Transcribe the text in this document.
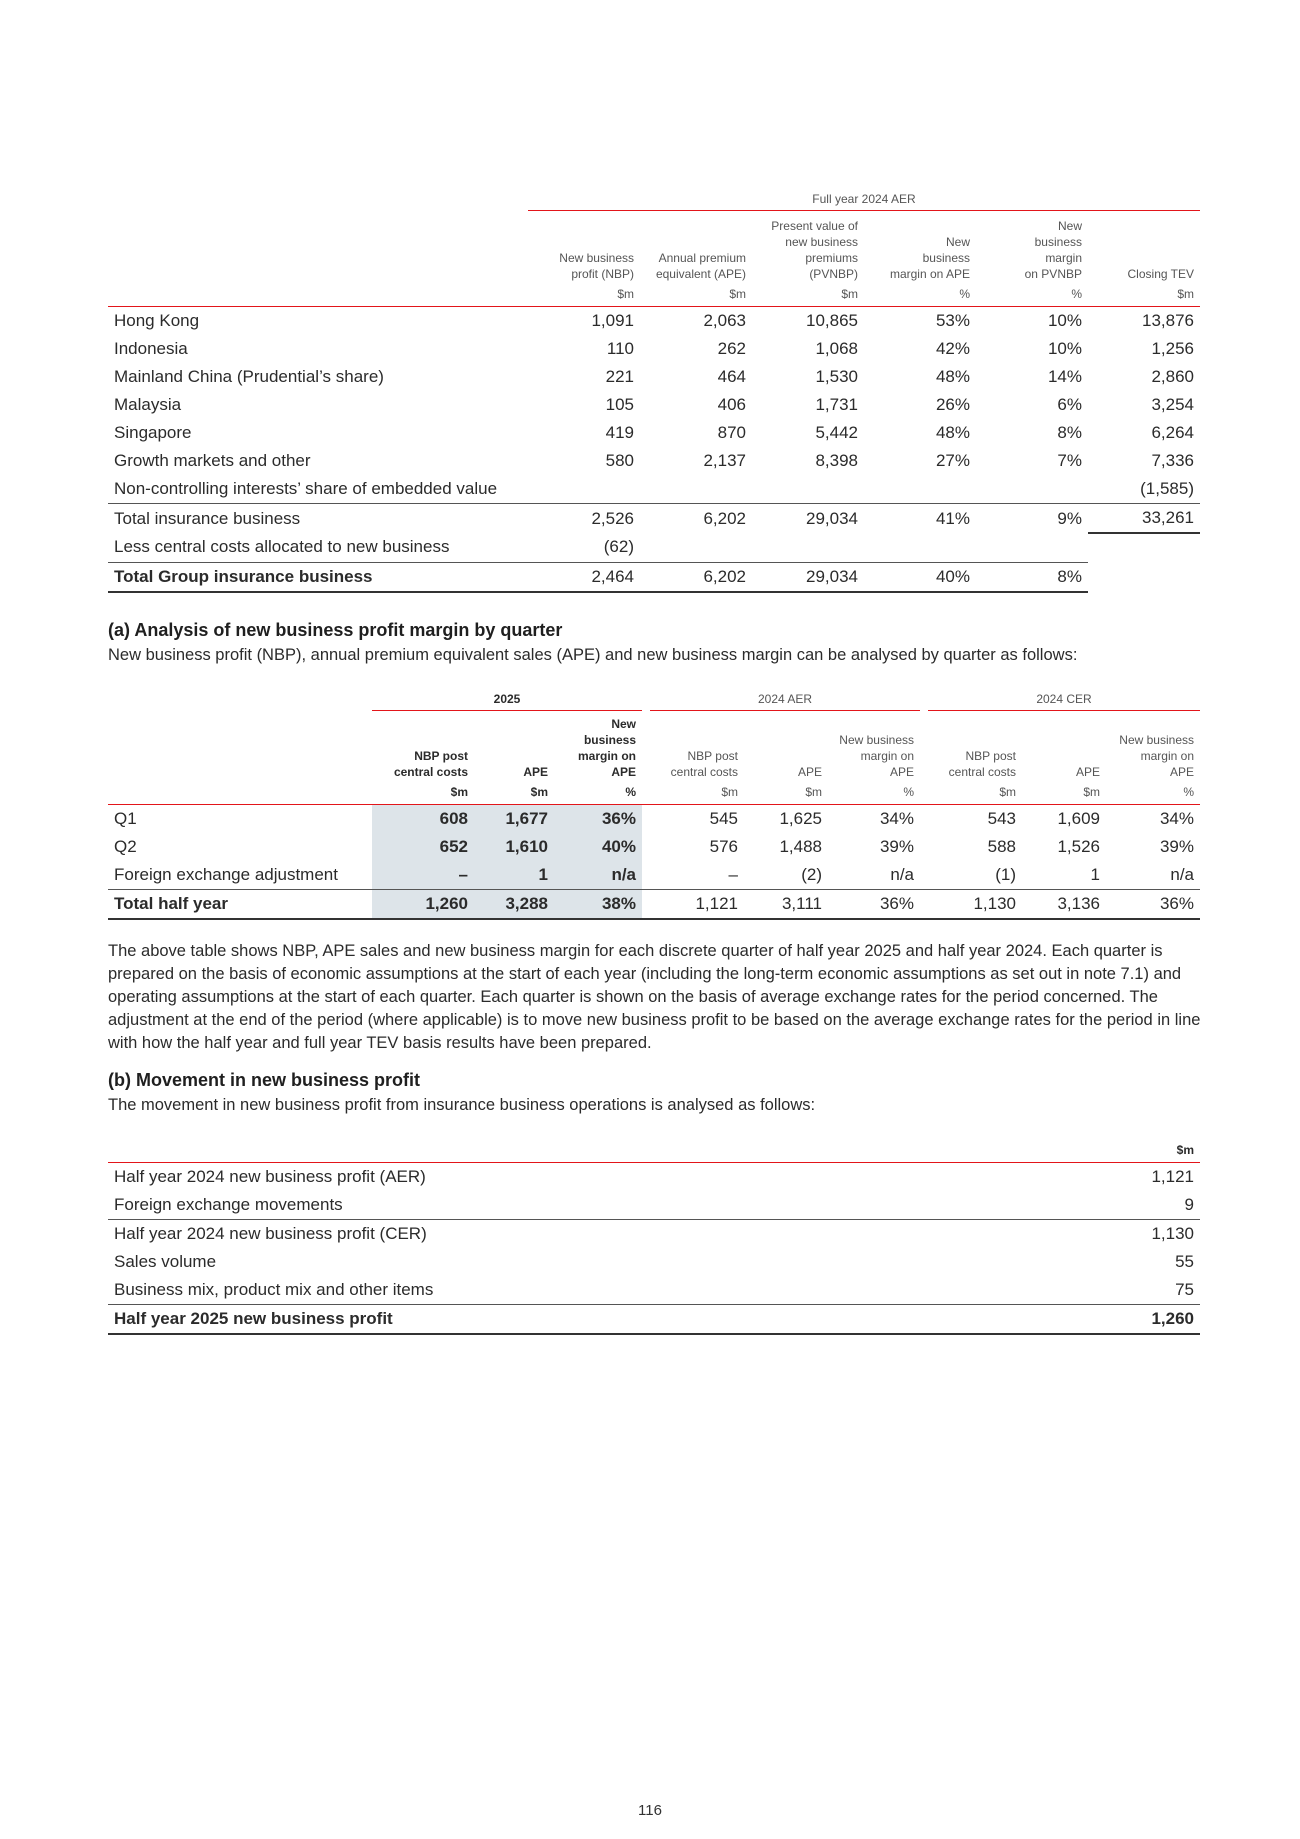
Full year 2024 AER
	New business
profit (NBP)	Annual premium
equivalent (APE)	Present value of
new business
premiums
(PVNBP)	New
business
margin on APE	New
business
margin
on PVNBP	Closing TEV
	$m	$m	$m	%	%	$m
Hong Kong	1,091	2,063	10,865	53%	10%	13,876
Indonesia	110	262	1,068	42%	10%	1,256
Mainland China (Prudential’s share)	221	464	1,530	48%	14%	2,860
Malaysia	105	406	1,731	26%	6%	3,254
Singapore	419	870	5,442	48%	8%	6,264
Growth markets and other	580	2,137	8,398	27%	7%	7,336
Non-controlling interests’ share of embedded value						(1,585)
Total insurance business	2,526	6,202	29,034	41%	9%	33,261
Less central costs allocated to new business	(62)					
Total Group insurance business	2,464	6,202	29,034	40%	8%	
(a) Analysis of new business profit margin by quarter
New business profit (NBP), annual premium equivalent sales (APE) and new business margin can be analysed by quarter as follows:
2025	2024 AER	2024 CER
	NBP post
central costs	APE	New
business
margin on
APE	NBP post
central costs	APE	New business
margin on
APE	NBP post
central costs	APE	New business
margin on
APE
	$m	$m	%	$m	$m	%	$m	$m	%
Q1	608	1,677	36%	545	1,625	34%	543	1,609	34%
Q2	652	1,610	40%	576	1,488	39%	588	1,526	39%
Foreign exchange adjustment	–	1	n/a	–	(2)	n/a	(1)	1	n/a
Total half year	1,260	3,288	38%	1,121	3,111	36%	1,130	3,136	36%
The above table shows NBP, APE sales and new business margin for each discrete quarter of half year 2025 and half year 2024. Each quarter is prepared on the basis of economic assumptions at the start of each year (including the long-term economic assumptions as set out in note 7.1) and operating assumptions at the start of each quarter. Each quarter is shown on the basis of average exchange rates for the period concerned. The adjustment at the end of the period (where applicable) is to move new business profit to be based on the average exchange rates for the period in line with how the half year and full year TEV basis results have been prepared.
(b) Movement in new business profit
The movement in new business profit from insurance business operations is analysed as follows:
	$m
Half year 2024 new business profit (AER)	1,121
Foreign exchange movements	9
Half year 2024 new business profit (CER)	1,130
Sales volume	55
Business mix, product mix and other items	75
Half year 2025 new business profit	1,260
116
